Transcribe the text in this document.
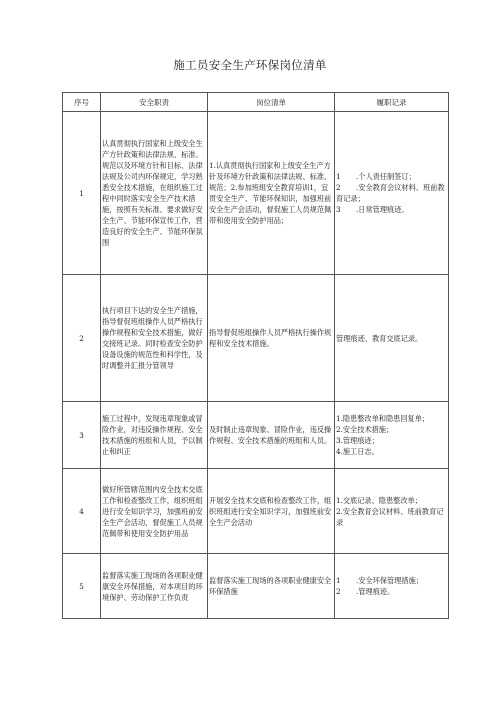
施工员安全生产环保岗位清单
序号	安全职责	岗位清单	履职记录
1	认真贯彻执行国家和上级安全生产方针政策和法律法规、标准、规范以及环境方针和目标、法律法规及公司内环保规定，学习熟悉安全技术措施，在组织施工过程中同时落实安全生产技术措施，按照有关标准、要求做好安全生产、节能环保宣传工作，营造良好的安全生产、节能环保氛围	1.认真贯彻执行国家和上级安全生产方针及环境方针政策和法律法规、标准、规范；2.参加班组安全教育培训1，宜贯安全生产、节能环保知识，加强班前安全生产会活动，督促施工人员规范佩带和使用安全防护用品；	1 .个人责任制签订；
2 .安全教育会议材料、班前教育记录；
3 .日常管理痕迹。

2	执行项目下达的安全生产措施，指导督促班组操作人员严格执行操作规程和安全技术措施，做好交接班记录。同时检查安全防护设备设施的规范性和科学性，及时调整并汇报分管领导	指导督促班组操作人员严格执行操作规程和安全技术措施。	管理痕迹、教育交底记录。

3	施工过程中，发现违章现象或冒险作业，对违反操作规程、安全技术措施的班组和人员，予以制止和纠正	及时制止违章现象、冒险作业，违反操作规程、安全技术措施的班组和人员。	1.隐患整改单和隐患回复单；
2.安全技术措施；
3.管理痕迹；
4.施工日志。

4	做好所管辖范围内安全技术交底工作和检查整改工作，组织班组进行安全知识学习，加强班前安全生产会活动，督促施工人员规范佩带和使用安全防护用品	开展安全技术交底和检查整改工作，组织班组进行安全知识学习，加强班前安全生产会活动	1.交底记录、隐患整改单；
2.安全教育会议材料、班前教育记录

5	监督落实施工现场的各项职业健康安全环保措施，对本项目的环境保护、劳动保护工作负责	监督落实施工现场的各项职业健康安全环保措施	1 .安全环保管理措施；
2 .管理痕迹。
